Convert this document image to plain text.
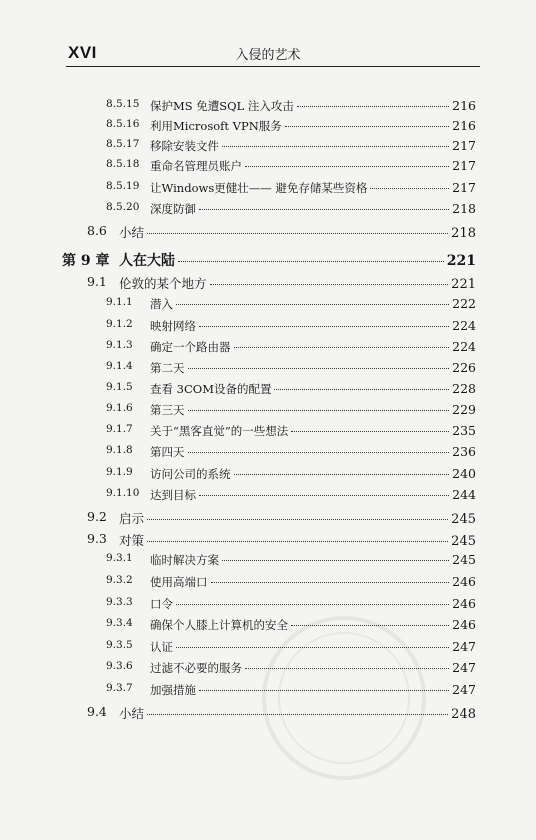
XVI	入侵的艺术
8.5.15 保护MS 免遭SQL 注入攻击	216
8.5.16 利用Microsoft VPN服务	216
8.5.17 移除安装文件	217
8.5.18 重命名管理员账户	217
8.5.19 让Windows更健壮—— 避免存储某些资格	217
8.5.20 深度防御	218
8.6 小结	218
第 9 章 人在大陆	221
9.1 伦敦的某个地方	221
9.1.1 潜入	222
9.1.2 映射网络	224
9.1.3 确定一个路由器	224
9.1.4 第二天	226
9.1.5 查看 3COM设备的配置	228
9.1.6 第三天	229
9.1.7 关于“黑客直觉”的一些想法	235
9.1.8 第四天	236
9.1.9 访问公司的系统	240
9.1.10 达到目标	244
9.2 启示	245
9.3 对策	245
9.3.1 临时解决方案	245
9.3.2 使用高端口	246
9.3.3 口令	246
9.3.4 确保个人膝上计算机的安全	246
9.3.5 认证	247
9.3.6 过滤不必要的服务	247
9.3.7 加强措施	247
9.4 小结	248
